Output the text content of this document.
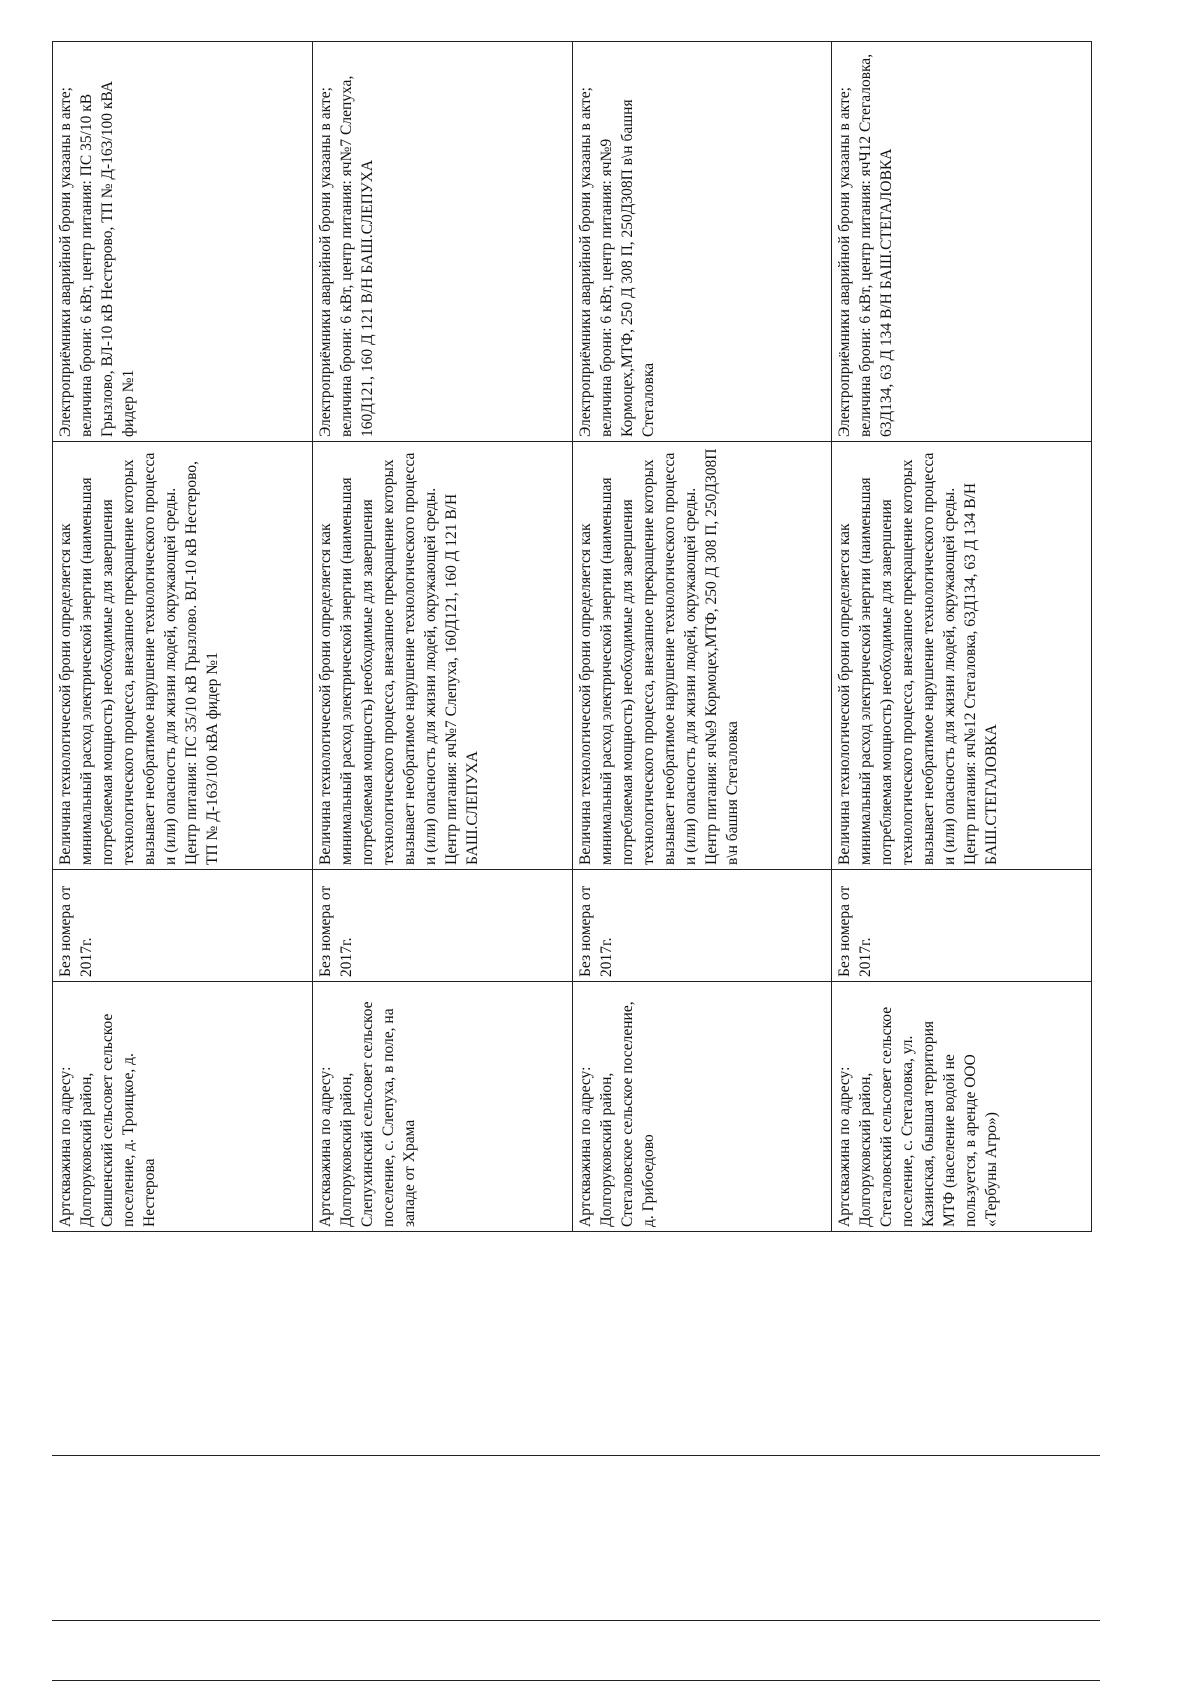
Артскважина по адресу: Долгоруковский район, Свишенский сельсовет сельское поселение, д. Троицкое, д. Нестерова	Без номера от 2017г.	Величина технологической брони определяется как минимальный расход электрической энергии (наименьшая потребляемая мощность) необходимые для завершения технологического процесса, внезапное прекращение которых вызывает необратимое нарушение технологического процесса и (или) опасность для жизни людей, окружающей среды. Центр питания: ПС 35/10 кВ Грызлово. ВЛ-10 кВ Нестерово, ТП № Д-163/100 кВА фидер №1	Электроприёмники аварийной брони указаны в акте; величина брони: 6 кВт, центр питания: ПС 35/10 кВ Грызлово, ВЛ-10 кВ Нестерово, ТП № Д-163/100 кВА фидер №1

Артскважина по адресу: Долгоруковский район, Слепухинский сельсовет сельское поселение, с. Слепуха, в поле, на западе от Храма	Без номера от 2017г.	Величина технологической брони определяется как минимальный расход электрической энергии (наименьшая потребляемая мощность) необходимые для завершения технологического процесса, внезапное прекращение которых вызывает необратимое нарушение технологического процесса и (или) опасность для жизни людей, окружающей среды. Центр питания: яч№7 Слепуха, 160Д121, 160 Д 121 В/Н БАШ.СЛЕПУХА	Электроприёмники аварийной брони указаны в акте; величина брони: 6 кВт, центр питания: яч№7 Слепуха, 160Д121, 160 Д 121 В/Н БАШ.СЛЕПУХА

Артскважина по адресу: Долгоруковский район, Стегаловское сельское поселение, д. Грибоедово	Без номера от 2017г.	Величина технологической брони определяется как минимальный расход электрической энергии (наименьшая потребляемая мощность) необходимые для завершения технологического процесса, внезапное прекращение которых вызывает необратимое нарушение технологического процесса и (или) опасность для жизни людей, окружающей среды. Центр питания: яч№9 Кормоцех,МТФ, 250 Д 308 П, 250Д308П в\н башня Стегаловка	Электроприёмники аварийной брони указаны в акте; величина брони: 6 кВт, центр питания: яч№9 Кормоцех,МТФ, 250 Д 308 П, 250Д308П в\н башня Стегаловка

Артскважина по адресу: Долгоруковский район, Стегаловский сельсовет сельское поселение, с. Стегаловка, ул. Казинская, бывшая территория МТФ (население водой не пользуется, в аренде ООО «Тербуны Агро»)	Без номера от 2017г.	Величина технологической брони определяется как минимальный расход электрической энергии (наименьшая потребляемая мощность) необходимые для завершения технологического процесса, внезапное прекращение которых вызывает необратимое нарушение технологического процесса и (или) опасность для жизни людей, окружающей среды. Центр питания: яч№12 Стегаловка, 63Д134, 63 Д 134 В/Н БАШ.СТЕГАЛОВКА	Электроприёмники аварийной брони указаны в акте; величина брони: 6 кВт, центр питания: ячЧ12 Стегаловка, 63Д134, 63 Д 134 В/Н БАШ.СТЕГАЛОВКА
